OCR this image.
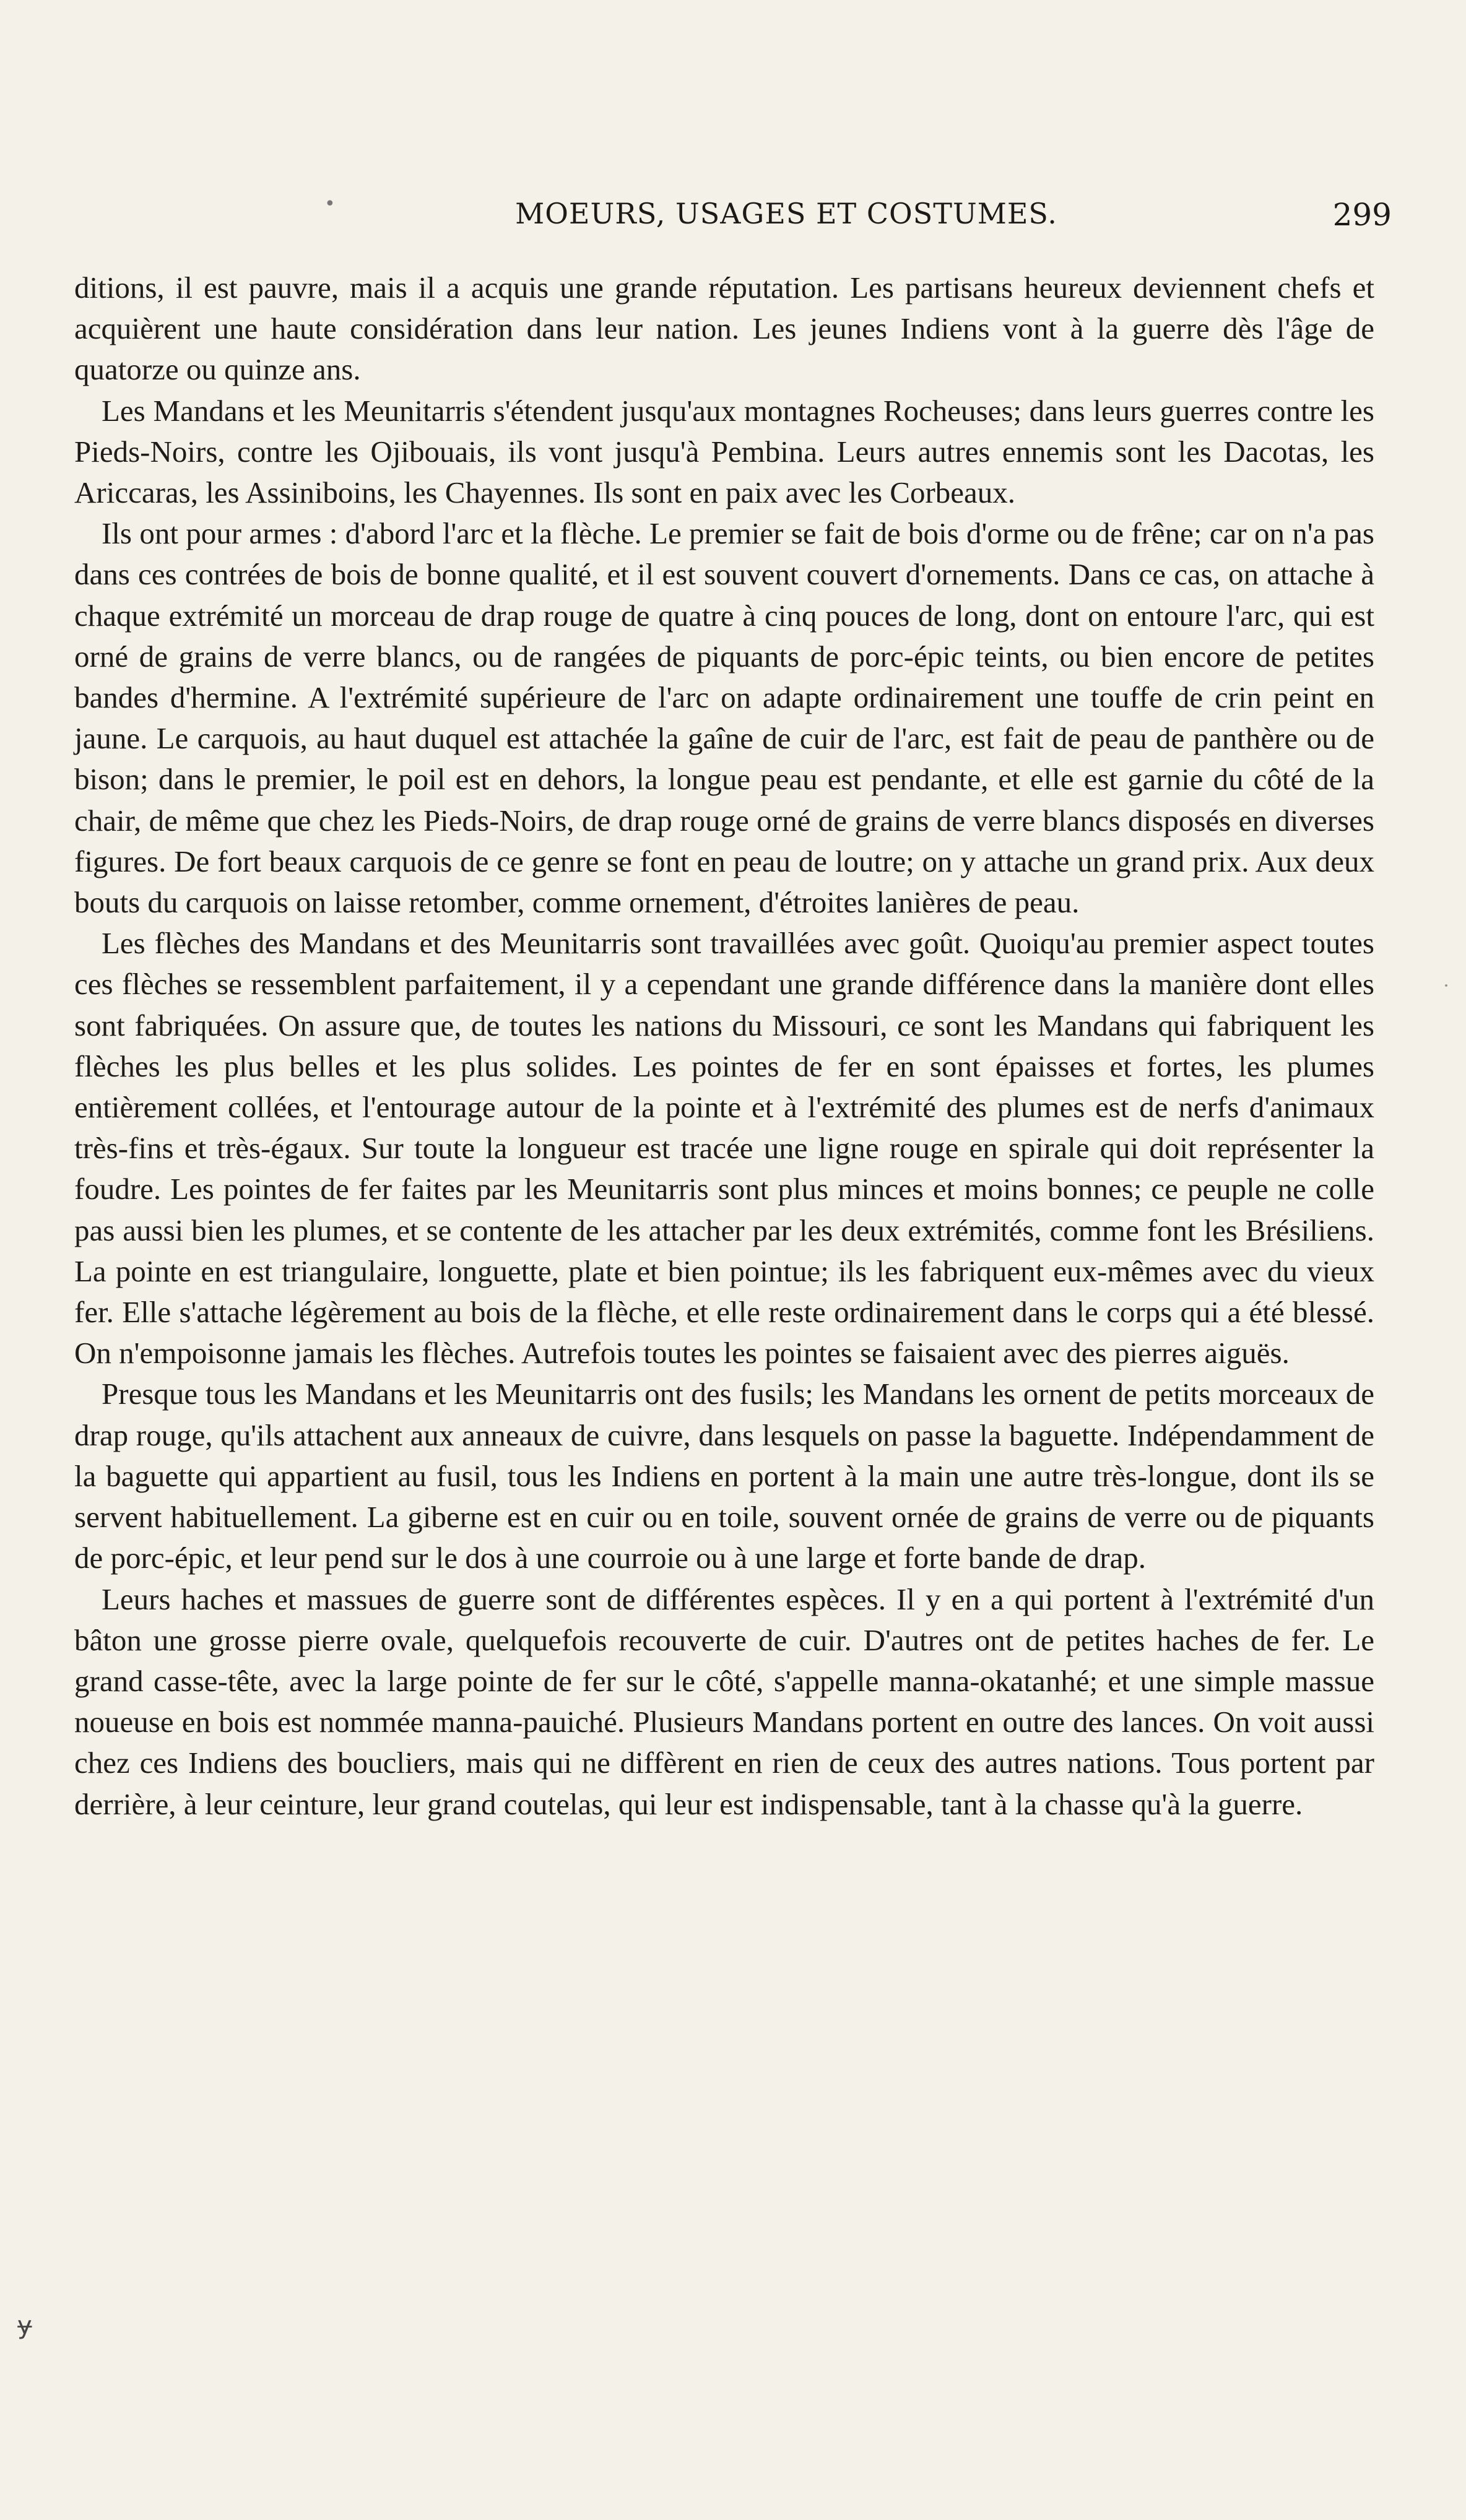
•	MOEURS, USAGES ET COSTUMES.	299

ditions, il est pauvre, mais il a acquis une grande réputation. Les partisans heureux deviennent chefs et acquièrent une haute considération dans leur nation. Les jeunes Indiens vont à la guerre dès l'âge de quatorze ou quinze ans.

Les Mandans et les Meunitarris s'étendent jusqu'aux montagnes Rocheuses; dans leurs guerres contre les Pieds-Noirs, contre les Ojibouais, ils vont jusqu'à Pembina. Leurs autres ennemis sont les Dacotas, les Ariccaras, les Assiniboins, les Chayennes. Ils sont en paix avec les Corbeaux.

Ils ont pour armes : d'abord l'arc et la flèche. Le premier se fait de bois d'orme ou de frêne; car on n'a pas dans ces contrées de bois de bonne qualité, et il est souvent couvert d'ornements. Dans ce cas, on attache à chaque extrémité un morceau de drap rouge de quatre à cinq pouces de long, dont on entoure l'arc, qui est orné de grains de verre blancs, ou de rangées de piquants de porc-épic teints, ou bien encore de petites bandes d'hermine. A l'extrémité supérieure de l'arc on adapte ordinairement une touffe de crin peint en jaune. Le carquois, au haut duquel est attachée la gaîne de cuir de l'arc, est fait de peau de panthère ou de bison; dans le premier, le poil est en dehors, la longue peau est pendante, et elle est garnie du côté de la chair, de même que chez les Pieds-Noirs, de drap rouge orné de grains de verre blancs disposés en diverses figures. De fort beaux carquois de ce genre se font en peau de loutre; on y attache un grand prix. Aux deux bouts du carquois on laisse retomber, comme ornement, d'étroites lanières de peau.

Les flèches des Mandans et des Meunitarris sont travaillées avec goût. Quoiqu'au premier aspect toutes ces flèches se ressemblent parfaitement, il y a cependant une grande différence dans la manière dont elles sont fabriquées. On assure que, de toutes les nations du Missouri, ce sont les Mandans qui fabriquent les flèches les plus belles et les plus solides. Les pointes de fer en sont épaisses et fortes, les plumes entièrement collées, et l'entourage autour de la pointe et à l'extrémité des plumes est de nerfs d'animaux très-fins et très-égaux. Sur toute la longueur est tracée une ligne rouge en spirale qui doit représenter la foudre. Les pointes de fer faites par les Meunitarris sont plus minces et moins bonnes; ce peuple ne colle pas aussi bien les plumes, et se contente de les attacher par les deux extrémités, comme font les Brésiliens. La pointe en est triangulaire, longuette, plate et bien pointue; ils les fabriquent eux-mêmes avec du vieux fer. Elle s'attache légèrement au bois de la flèche, et elle reste ordinairement dans le corps qui a été blessé. On n'empoisonne jamais les flèches. Autrefois toutes les pointes se faisaient avec des pierres aiguës.

Presque tous les Mandans et les Meunitarris ont des fusils; les Mandans les ornent de petits morceaux de drap rouge, qu'ils attachent aux anneaux de cuivre, dans lesquels on passe la baguette. Indépendamment de la baguette qui appartient au fusil, tous les Indiens en portent à la main une autre très-longue, dont ils se servent habituellement. La giberne est en cuir ou en toile, souvent ornée de grains de verre ou de piquants de porc-épic, et leur pend sur le dos à une courroie ou à une large et forte bande de drap.

Leurs haches et massues de guerre sont de différentes espèces. Il y en a qui portent à l'extrémité d'un bâton une grosse pierre ovale, quelquefois recouverte de cuir. D'autres ont de petites haches de fer. Le grand casse-tête, avec la large pointe de fer sur le côté, s'appelle manna-okatanhé; et une simple massue noueuse en bois est nommée manna-pauiché. Plusieurs Mandans portent en outre des lances. On voit aussi chez ces Indiens des boucliers, mais qui ne diffèrent en rien de ceux des autres nations. Tous portent par derrière, à leur ceinture, leur grand coutelas, qui leur est indispensable, tant à la chasse qu'à la guerre.

ɏ
